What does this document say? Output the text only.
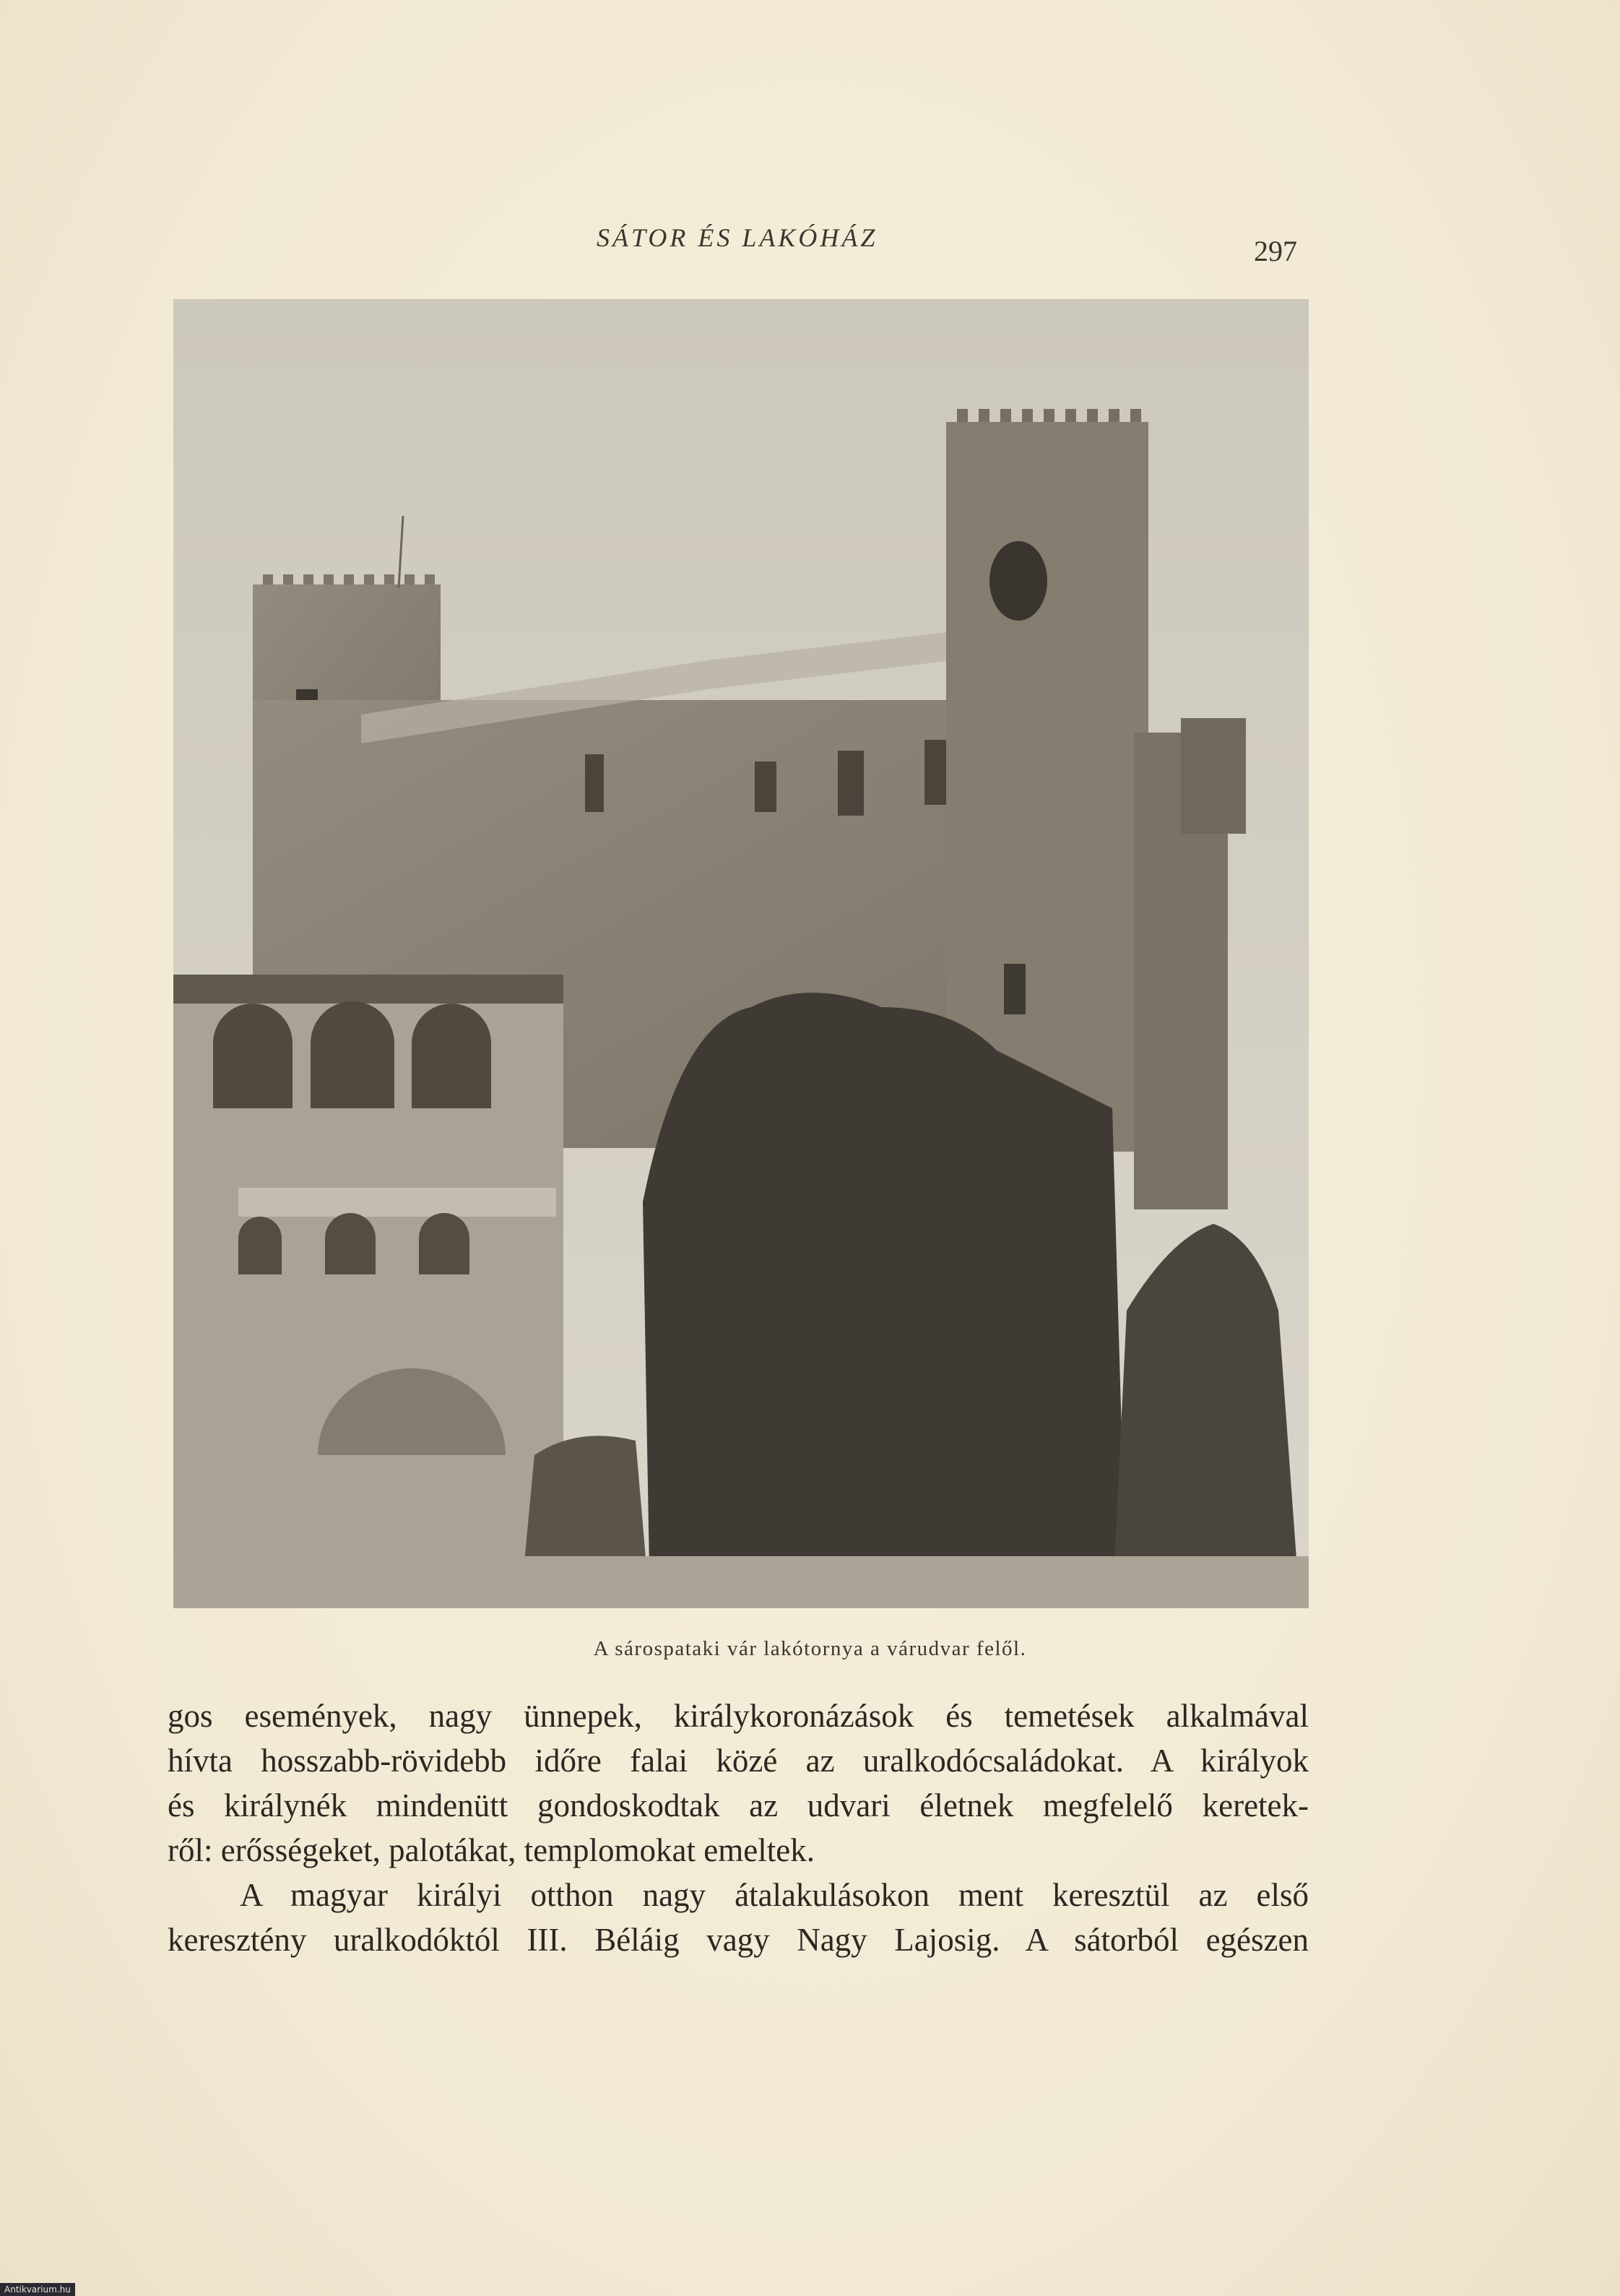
SÁTOR ÉS LAKÓHÁZ	297
A sárospataki vár lakótornya a várudvar felől.
gos események, nagy ünnepek, királykoronázások és temetések alkalmával
hívta hosszabb-rövidebb időre falai közé az uralkodócsaládokat. A királyok
és királynék mindenütt gondoskodtak az udvari életnek megfelelő keretek-
ről: erősségeket, palotákat, templomokat emeltek.
A magyar királyi otthon nagy átalakulásokon ment keresztül az első
keresztény uralkodóktól III. Béláig vagy Nagy Lajosig. A sátorból egészen
Antikvarium.hu
